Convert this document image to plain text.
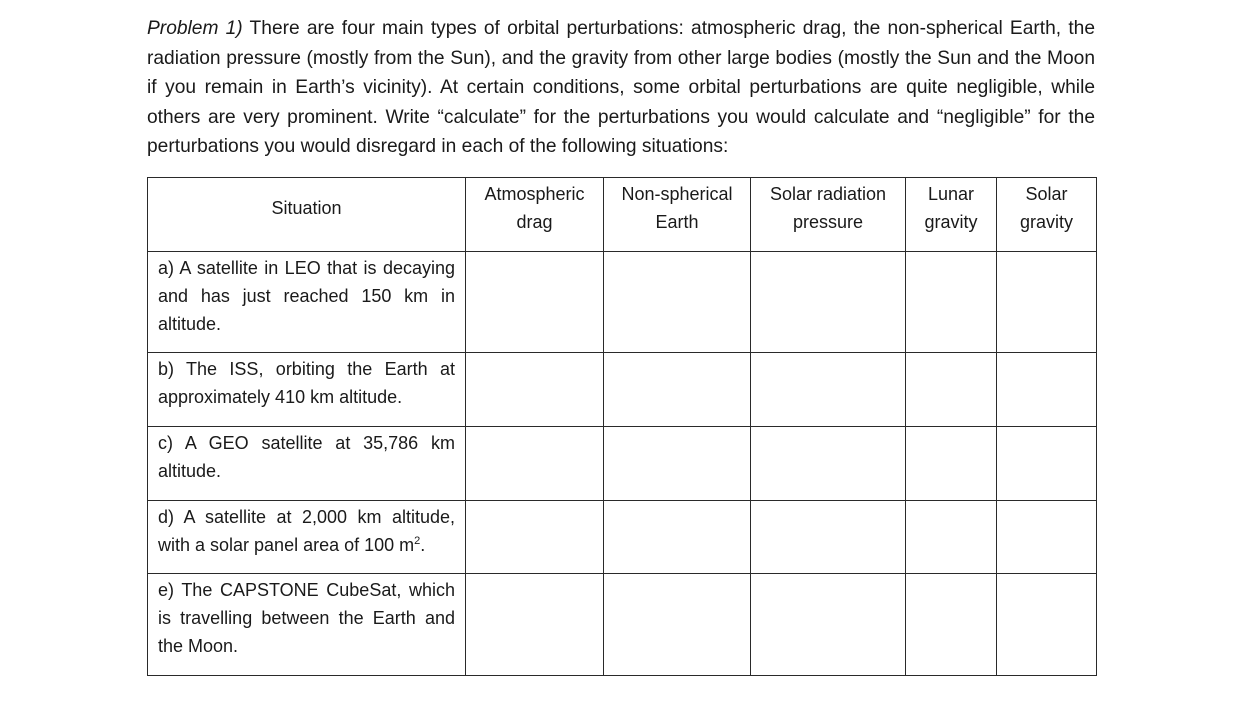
Problem 1) There are four main types of orbital perturbations: atmospheric drag, the non-spherical Earth, the radiation pressure (mostly from the Sun), and the gravity from other large bodies (mostly the Sun and the Moon if you remain in Earth’s vicinity). At certain conditions, some orbital perturbations are quite negligible, while others are very prominent. Write “calculate” for the perturbations you would calculate and “negligible” for the perturbations you would disregard in each of the following situations:

Situation	Atmospheric drag	Non-spherical Earth	Solar radiation pressure	Lunar gravity	Solar gravity
a) A satellite in LEO that is decaying and has just reached 150 km in altitude.					
b) The ISS, orbiting the Earth at approximately 410 km altitude.					
c) A GEO satellite at 35,786 km altitude.					
d) A satellite at 2,000 km altitude, with a solar panel area of 100 $m^2$.					
e) The CAPSTONE CubeSat, which is travelling between the Earth and the Moon.					
